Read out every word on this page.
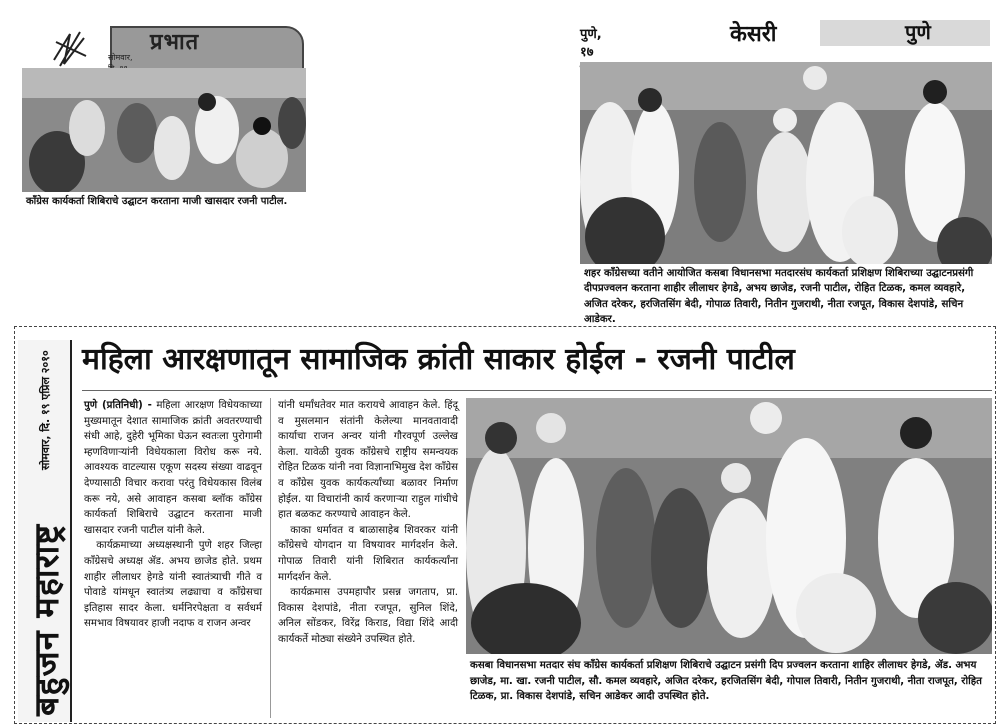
प्रभात
सोमवार,
काँग्रेस कार्यकर्ता शिबिराचे उद्घाटन करताना माजी खासदार रजनी पाटील.
पुणे, १७
केसरी	पुणे
शहर काँग्रेसच्या वतीने आयोजित कसबा विधानसभा मतदारसंघ कार्यकर्ता प्रशिक्षण शिबिराच्या उद्घाटनप्रसंगी दीपप्रज्वलन करताना शाहीर लीलाधर हेगडे, अभय छाजेड, रजनी पाटील, रोहित टिळक, कमल व्यवहारे, अजित दरेकर, हरजितसिंग बेदी, गोपाळ तिवारी, नितीन गुजराथी, नीता रजपूत, विकास देशपांडे, सचिन आडेकर.
सोमवार, दि. १९ एप्रिल २०१०
बहुजन महाराष्ट्र
महिला आरक्षणातून सामाजिक क्रांती साकार होईल - रजनी पाटील

पुणे (प्रतिनिधी) - महिला आरक्षण विधेयकाच्या मुख्यमातून देशात सामाजिक क्रांती अवतरण्याची संधी आहे, दुहेरी भूमिका घेऊन स्वतःला पुरोगामी म्हणविणाऱ्यांनी विधेयकाला विरोध करू नये. आवश्यक वाटल्यास एकूण सदस्य संख्या वाढवून देण्यासाठी विचार करावा परंतु विधेयकास विलंब करू नये, असे आवाहन कसबा ब्लॉक कॉंग्रेस कार्यकर्ता शिबिराचे उद्घाटन करताना माजी खासदार रजनी पाटील यांनी केले.

कार्यक्रमाच्या अध्यक्षस्थानी पुणे शहर जिल्हा कॉंग्रेसचे अध्यक्ष ॲड. अभय छाजेड होते. प्रथम शाहीर लीलाधर हेगडे यांनी स्वातंत्र्याची गीते व पोवाडे यांमधून स्वातंत्र्य लढ्याचा व कॉंग्रेसचा इतिहास सादर केला. धर्मनिरपेक्षता व सर्वधर्म समभाव विषयावर हाजी नदाफ व राजन अन्वर

यांनी धर्मांधतेवर मात करायचे आवाहन केले. हिंदू व मुसलमान संतांनी केलेल्या मानवतावादी कार्याचा राजन अन्वर यांनी गौरवपूर्ण उल्लेख केला. यावेळी युवक कॉंग्रेसचे राष्ट्रीय समन्वयक रोहित टिळक यांनी नवा विज्ञानाभिमुख देश कॉंग्रेस व कॉंग्रेस युवक कार्यकर्त्यांच्या बळावर निर्माण होईल. या विचारांनी कार्य करणाऱ्या राहुल गांधीचे हात बळकट करण्याचे आवाहन केले.

काका धर्मावत व बाळासाहेब शिवरकर यांनी कॉंग्रेसचे योगदान या विषयावर मार्गदर्शन केले. गोपाळ तिवारी यांनी शिबिरात कार्यकर्त्यांना मार्गदर्शन केले.

कार्यक्रमास उपमहापौर प्रसन्न जगताप, प्रा. विकास देशपांडे, नीता रजपूत, सुनिल शिंदे, अनिल सोंडकर, विरेंद्र किराड, विद्या शिंदे आदी कार्यकर्ते मोठ्या संख्येने उपस्थित होते.

कसबा विधानसभा मतदार संघ कॉंग्रेस कार्यकर्ता प्रशिक्षण शिबिराचे उद्घाटन प्रसंगी दिप प्रज्वलन करताना शाहिर लीलाधर हेगडे, ॲड. अभय छाजेड, मा. खा. रजनी पाटील, सौ. कमल व्यवहारे, अजित दरेकर, हरजितसिंग बेदी, गोपाल तिवारी, नितीन गुजराथी, नीता राजपूत, रोहित टिळक, प्रा. विकास देशपांडे, सचिन आडेकर आदी उपस्थित होते.
